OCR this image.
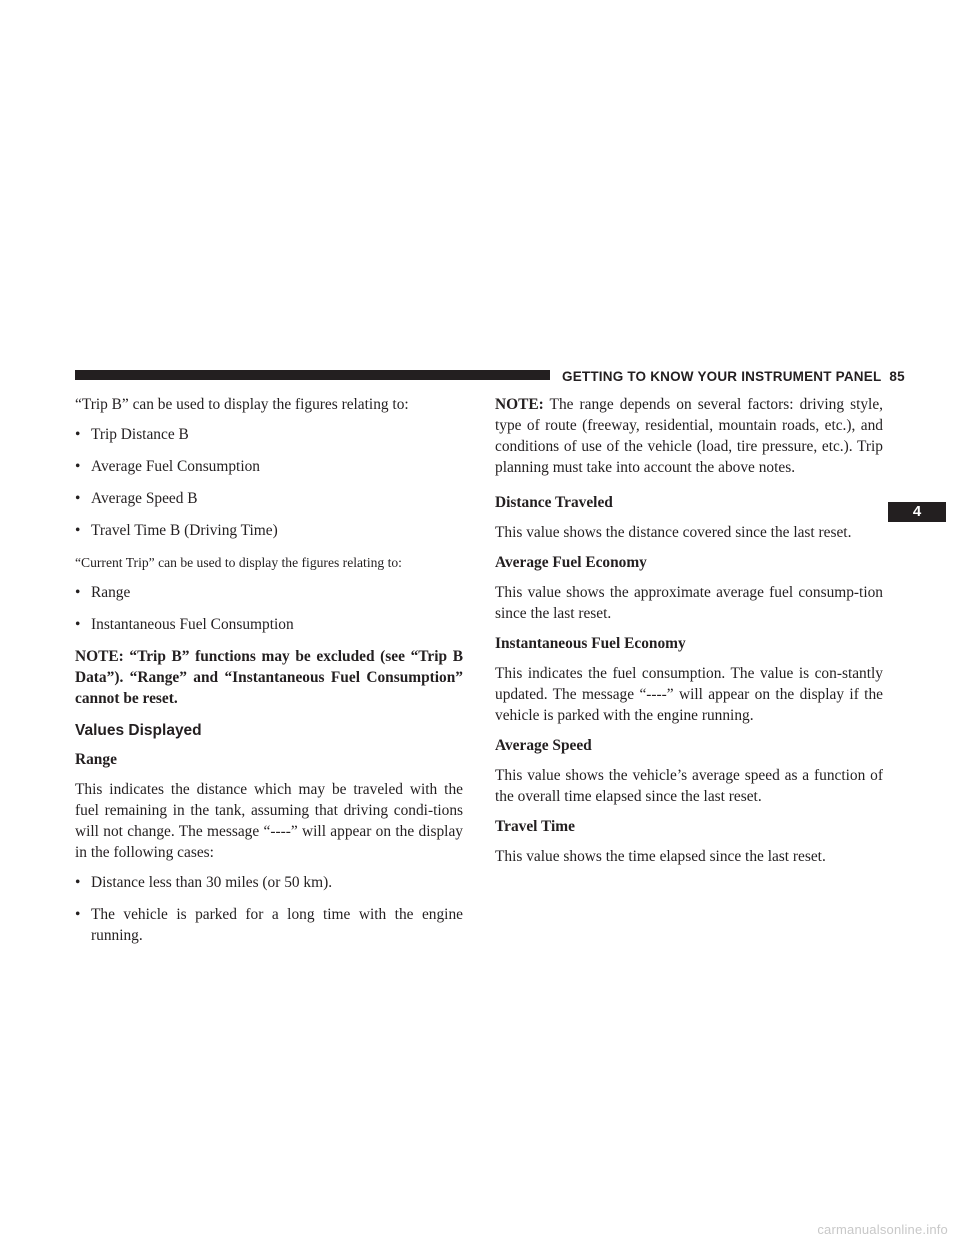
GETTING TO KNOW YOUR INSTRUMENT PANEL 85
4

“Trip B” can be used to display the figures relating to:

• Trip Distance B
• Average Fuel Consumption
• Average Speed B
• Travel Time B (Driving Time)

“Current Trip” can be used to display the figures relating to:

• Range
• Instantaneous Fuel Consumption

NOTE: “Trip B” functions may be excluded (see “Trip B Data”). “Range” and “Instantaneous Fuel Consumption” cannot be reset.

Values Displayed
Range

This indicates the distance which may be traveled with the fuel remaining in the tank, assuming that driving condi-tions will not change. The message “----” will appear on the display in the following cases:

• Distance less than 30 miles (or 50 km).
• The vehicle is parked for a long time with the engine running.

NOTE: The range depends on several factors: driving style, type of route (freeway, residential, mountain roads, etc.), and conditions of use of the vehicle (load, tire pressure, etc.). Trip planning must take into account the above notes.

Distance Traveled

This value shows the distance covered since the last reset.

Average Fuel Economy

This value shows the approximate average fuel consump-tion since the last reset.

Instantaneous Fuel Economy

This indicates the fuel consumption. The value is con-stantly updated. The message “----” will appear on the display if the vehicle is parked with the engine running.

Average Speed

This value shows the vehicle’s average speed as a function of the overall time elapsed since the last reset.

Travel Time

This value shows the time elapsed since the last reset.

carmanualsonline.info
